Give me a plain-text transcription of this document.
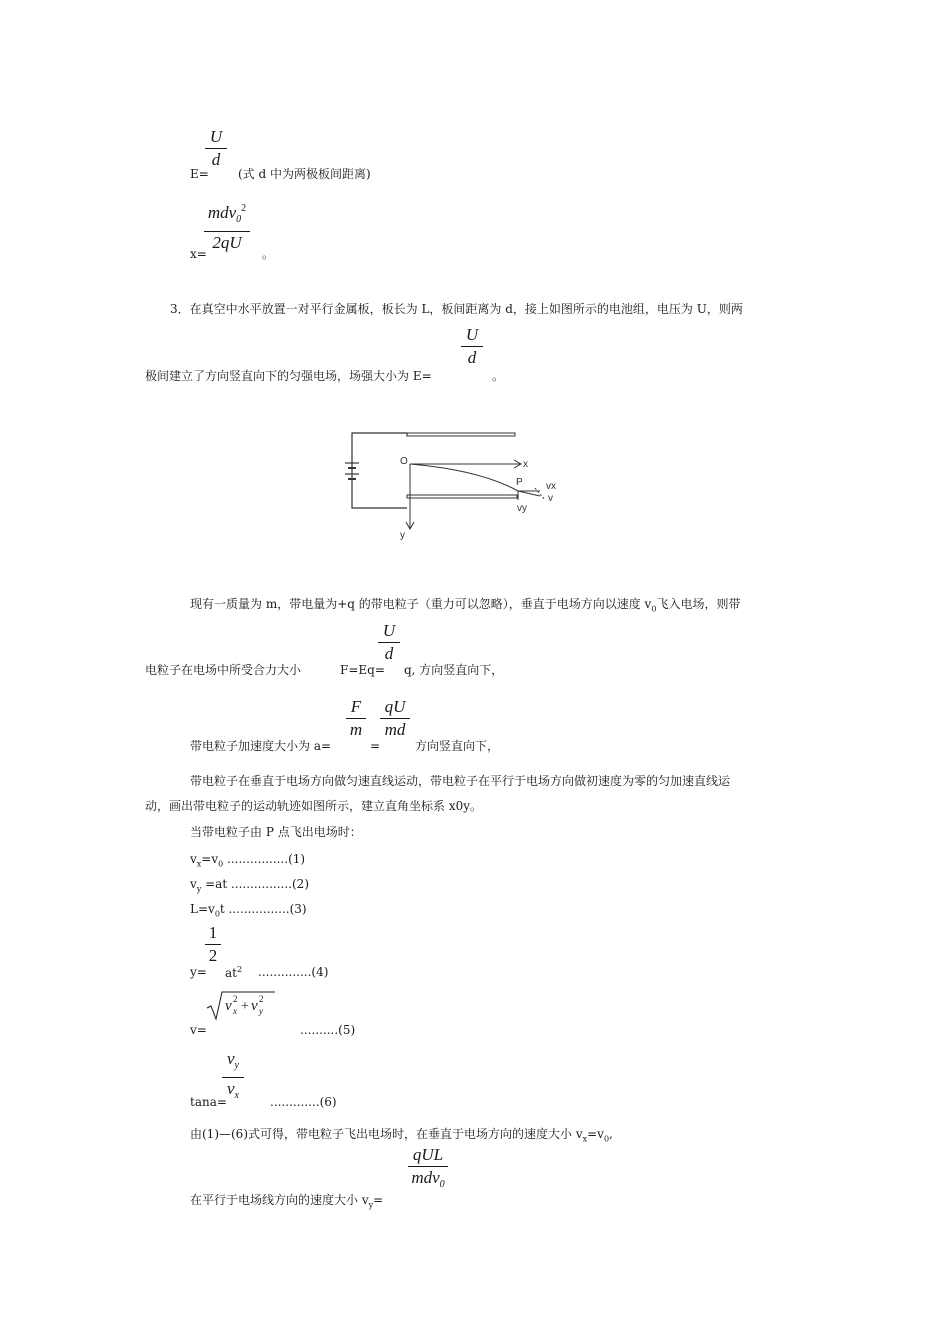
U
d
E= (式 d 中为两极板间距离)
$mdv0^2$
2qU
x=	。
3．在真空中水平放置一对平行金属板，板长为 L，板间距离为 d，接上如图所示的电池组，电压为 U，则两
U
d
极间建立了方向竖直向下的匀强电场，场强大小为 E=	。
O	x
y
P vx
v
vy
现有一质量为 m，带电量为+q 的带电粒子（重力可以忽略），垂直于电场方向以速度 $v_0$飞入电场，则带
U
d
电粒子在电场中所受合力大小	F=Eq= q, 方向竖直向下，
F
m
qU
md
带电粒子加速度大小为 a=	=	方向竖直向下，
带电粒子在垂直于电场方向做匀速直线运动，带电粒子在平行于电场方向做初速度为零的匀加速直线运
动，画出带电粒子的运动轨迹如图所示，建立直角坐标系 x0y。
当带电粒子由 P 点飞出电场时：
$v_x=v_0$ ................(1)
$v_y =at$ ................(2)
$L=v_0t$ ................(3)
1
2
$y= at^2$ ..............(4)
v x
2 + v y
2
v=	..........(5)
$v_y$
$v_x$
tana=	.............(6)
由(1)—(6)式可得，带电粒子飞出电场时，在垂直于电场方向的速度大小 $v_x=v_0$,
qUL
mdv$_0$
在平行于电场线方向的速度大小 $v_y=$
